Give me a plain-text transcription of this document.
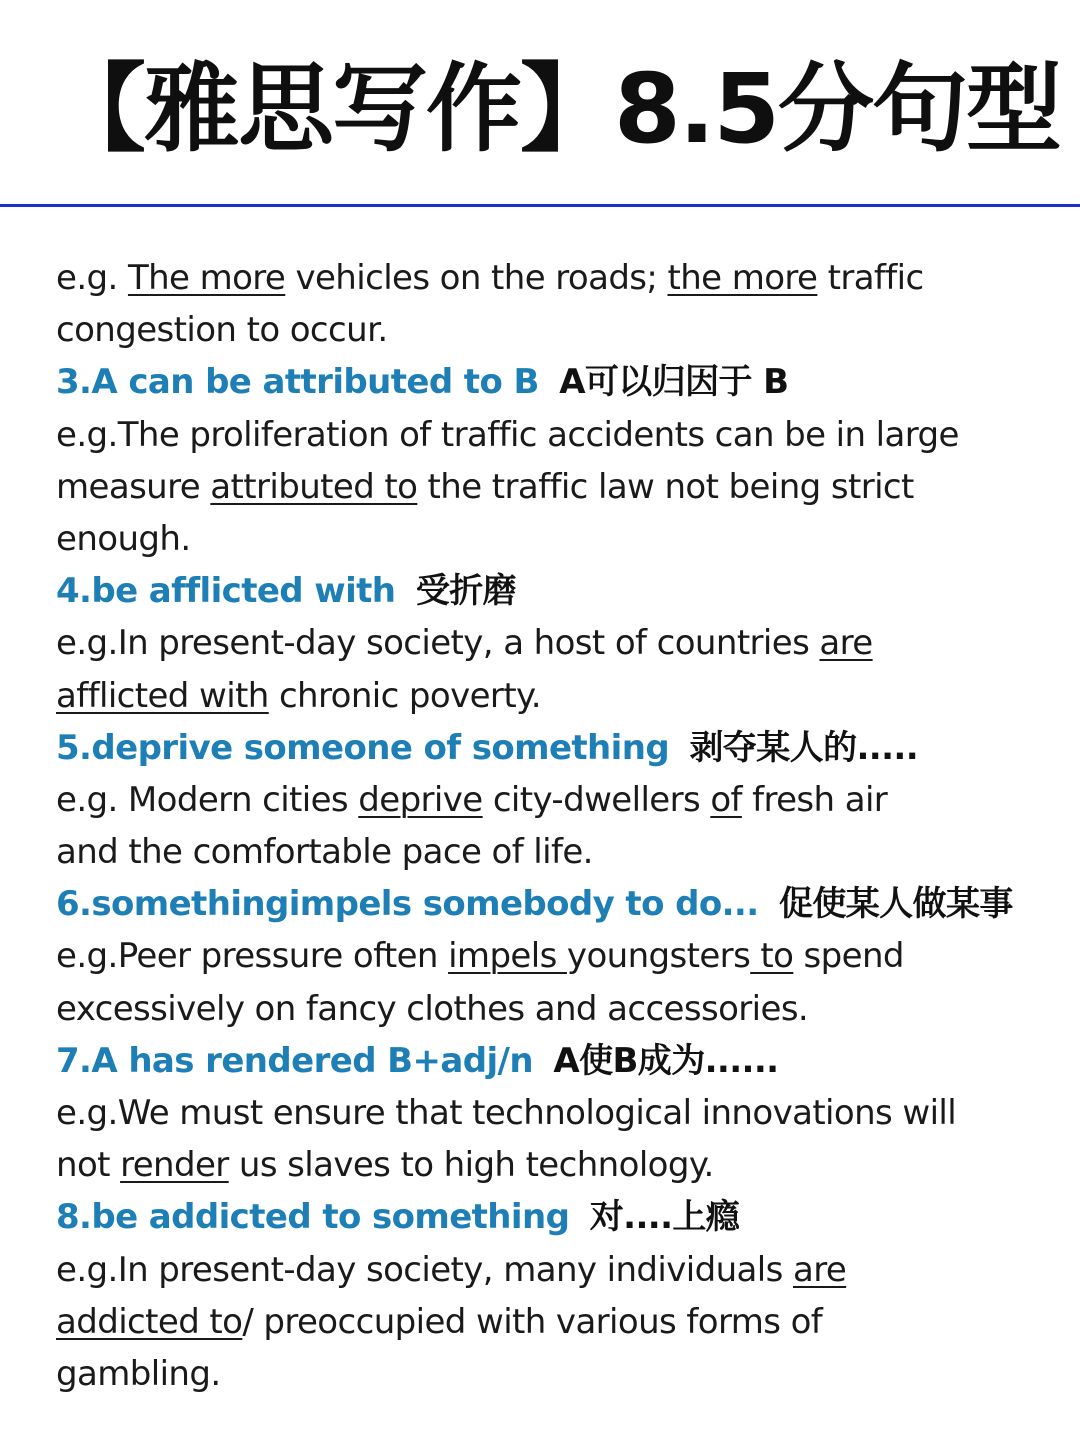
【雅思写作】8.5分句型
e.g. The more vehicles on the roads; the more traffic
congestion to occur.
3.A can be attributed to B A可以归因于 B
e.g.The proliferation of traffic accidents can be in large
measure attributed to the traffic law not being strict
enough.
4.be afflicted with 受折磨
e.g.In present-day society, a host of countries are
afflicted with chronic poverty.
5.deprive someone of something 剥夺某人的.....
e.g. Modern cities deprive city-dwellers of fresh air
and the comfortable pace of life.
6.somethingimpels somebody to do... 促使某人做某事
e.g.Peer pressure often impels youngsters to spend
excessively on fancy clothes and accessories.
7.A has rendered B+adj/n A使B成为......
e.g.We must ensure that technological innovations will
not render us slaves to high technology.
8.be addicted to something 对....上瘾
e.g.In present-day society, many individuals are
addicted to/ preoccupied with various forms of
gambling.
